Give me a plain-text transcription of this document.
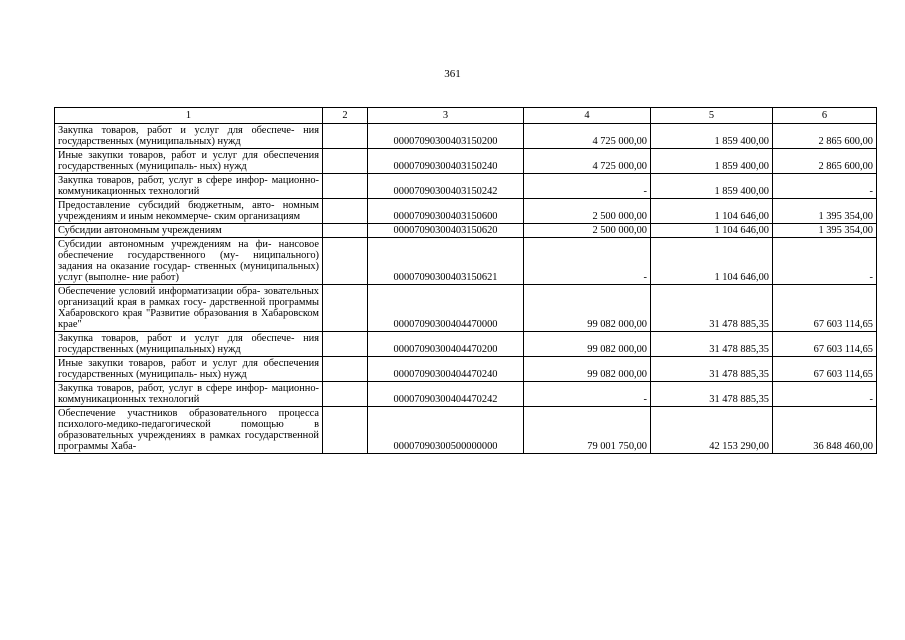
361
1	2	3	4	5	6
Закупка товаров, работ и услуг для обеспече- ния государственных (муниципальных) нужд		00007090300403150200	4 725 000,00	1 859 400,00	2 865 600,00
Иные закупки товаров, работ и услуг для обеспечения государственных (муниципаль- ных) нужд		00007090300403150240	4 725 000,00	1 859 400,00	2 865 600,00
Закупка товаров, работ, услуг в сфере инфор- мационно-коммуникационных технологий		00007090300403150242	-	1 859 400,00	-
Предоставление субсидий бюджетным, авто- номным учреждениям и иным некоммерче- ским организациям		00007090300403150600	2 500 000,00	1 104 646,00	1 395 354,00
Субсидии автономным учреждениям		00007090300403150620	2 500 000,00	1 104 646,00	1 395 354,00
Субсидии автономным учреждениям на фи- нансовое обеспечение государственного (му- ниципального) задания на оказание государ- ственных (муниципальных) услуг (выполне- ние работ)		00007090300403150621	-	1 104 646,00	-
Обеспечение условий информатизации обра- зовательных организаций края в рамках госу- дарственной программы Хабаровского края "Развитие образования в Хабаровском крае"		00007090300404470000	99 082 000,00	31 478 885,35	67 603 114,65
Закупка товаров, работ и услуг для обеспече- ния государственных (муниципальных) нужд		00007090300404470200	99 082 000,00	31 478 885,35	67 603 114,65
Иные закупки товаров, работ и услуг для обеспечения государственных (муниципаль- ных) нужд		00007090300404470240	99 082 000,00	31 478 885,35	67 603 114,65
Закупка товаров, работ, услуг в сфере инфор- мационно-коммуникационных технологий		00007090300404470242	-	31 478 885,35	-
Обеспечение участников образовательного процесса психолого-медико-педагогической помощью в образовательных учреждениях в рамках государственной программы Хаба-		00007090300500000000	79 001 750,00	42 153 290,00	36 848 460,00
